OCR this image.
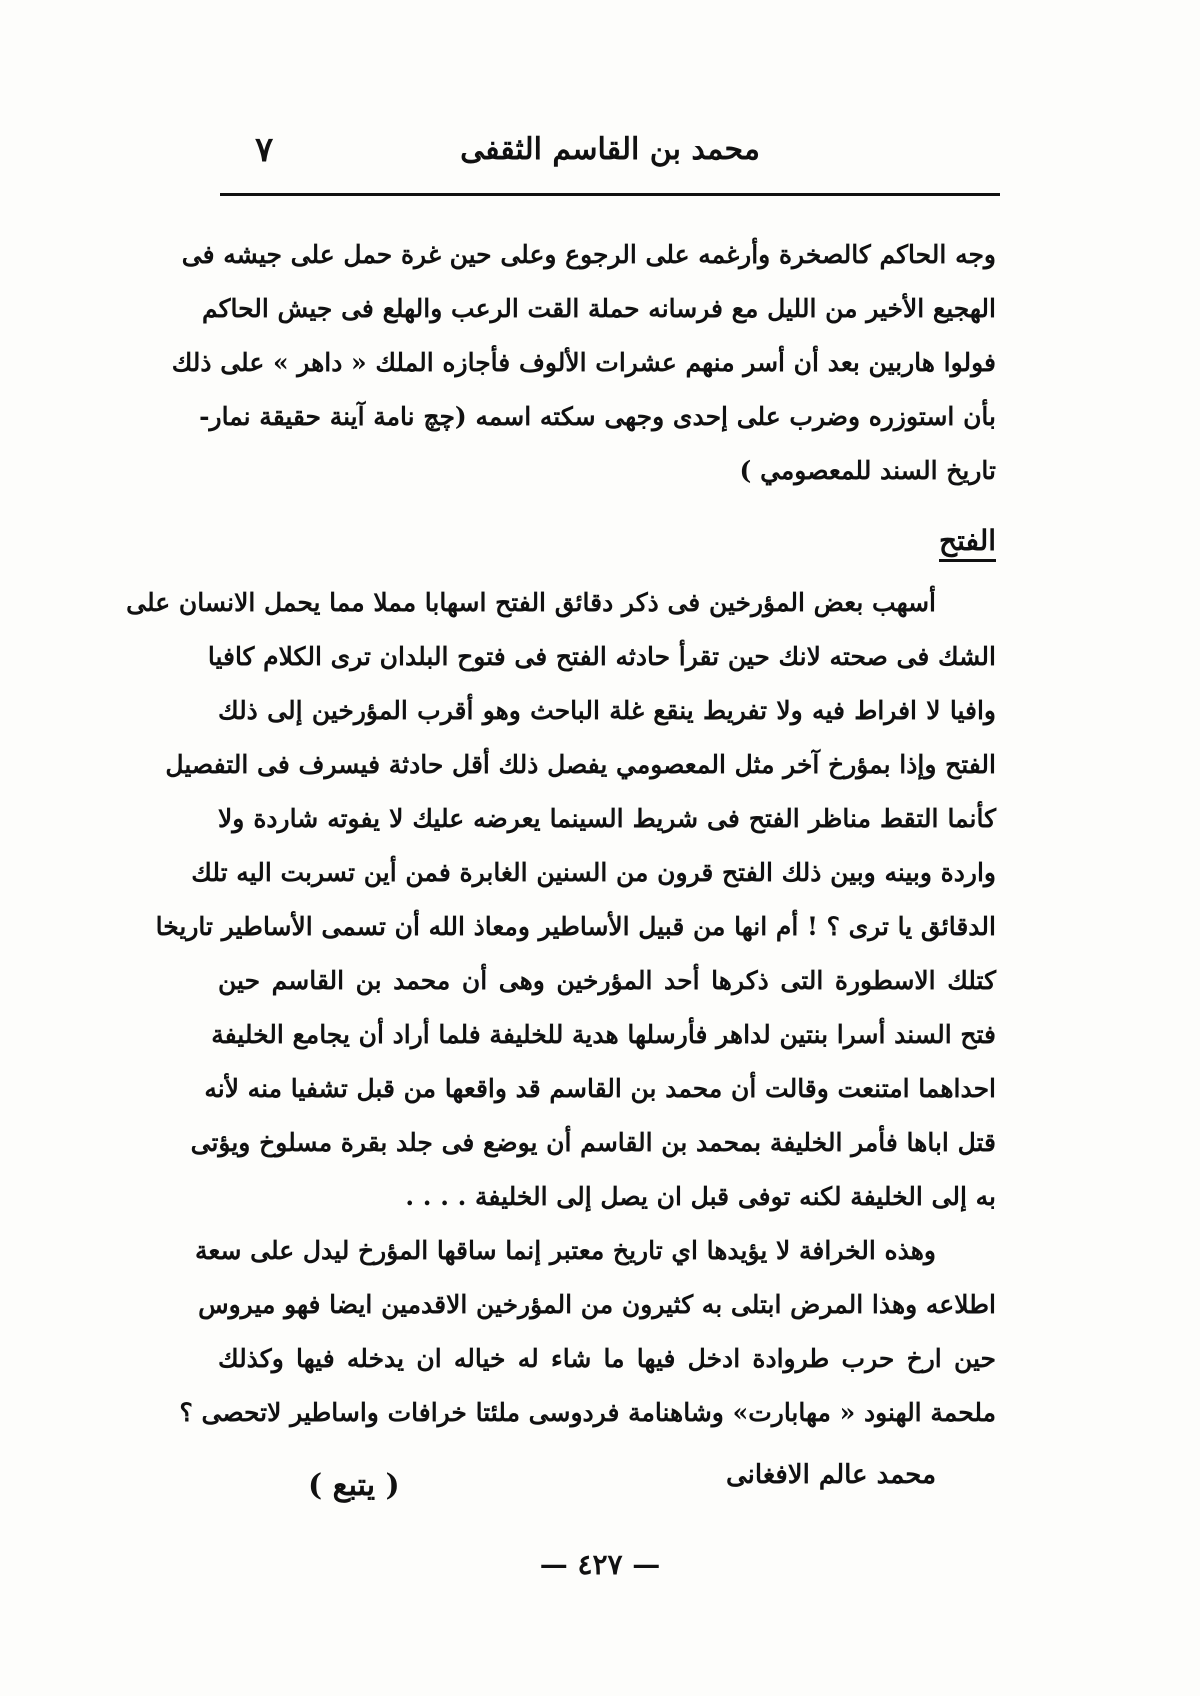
٧	محمد بن القاسم الثقفى
وجه الحاكم كالصخرة وأرغمه على الرجوع وعلى حين غرة حمل على جيشه فى
الهجيع الأخير من الليل مع فرسانه حملة القت الرعب والهلع فى جيش الحاكم
فولوا هاربين بعد أن أسر منهم عشرات الألوف فأجازه الملك « داهر » على ذلك
بأن استوزره وضرب على إحدى وجهى سكته اسمه (چچ نامة آينة حقيقة نمار-
تاريخ السند للمعصومي )
الفتح
أسهب بعض المؤرخين فى ذكر دقائق الفتح اسهابا مملا مما يحمل الانسان على
الشك فى صحته لانك حين تقرأ حادثه الفتح فى فتوح البلدان ترى الكلام كافيا
وافيا لا افراط فيه ولا تفريط ينقع غلة الباحث وهو أقرب المؤرخين إلى ذلك
الفتح وإذا بمؤرخ آخر مثل المعصومي يفصل ذلك أقل حادثة فيسرف فى التفصيل
كأنما التقط مناظر الفتح فى شريط السينما يعرضه عليك لا يفوته شاردة ولا
واردة وبينه وبين ذلك الفتح قرون من السنين الغابرة فمن أين تسربت اليه تلك
الدقائق يا ترى ؟ ! أم انها من قبيل الأساطير ومعاذ الله أن تسمى الأساطير تاريخا
كتلك الاسطورة التى ذكرها أحد المؤرخين وهى أن محمد بن القاسم حين
فتح السند أسرا بنتين لداهر فأرسلها هدية للخليفة فلما أراد أن يجامع الخليفة
احداهما امتنعت وقالت أن محمد بن القاسم قد واقعها من قبل تشفيا منه لأنه
قتل اباها فأمر الخليفة بمحمد بن القاسم أن يوضع فى جلد بقرة مسلوخ ويؤتى
به إلى الخليفة لكنه توفى قبل ان يصل إلى الخليفة . . . .
وهذه الخرافة لا يؤيدها اي تاريخ معتبر إنما ساقها المؤرخ ليدل على سعة
اطلاعه وهذا المرض ابتلى به كثيرون من المؤرخين الاقدمين ايضا فهو ميروس
حين ارخ حرب طروادة ادخل فيها ما شاء له خياله ان يدخله فيها وكذلك
ملحمة الهنود « مهابارت» وشاهنامة فردوسى ملئتا خرافات واساطير لاتحصى ؟
محمد عالم الافغانى
( يتبع )
— ٤٢٧ —
